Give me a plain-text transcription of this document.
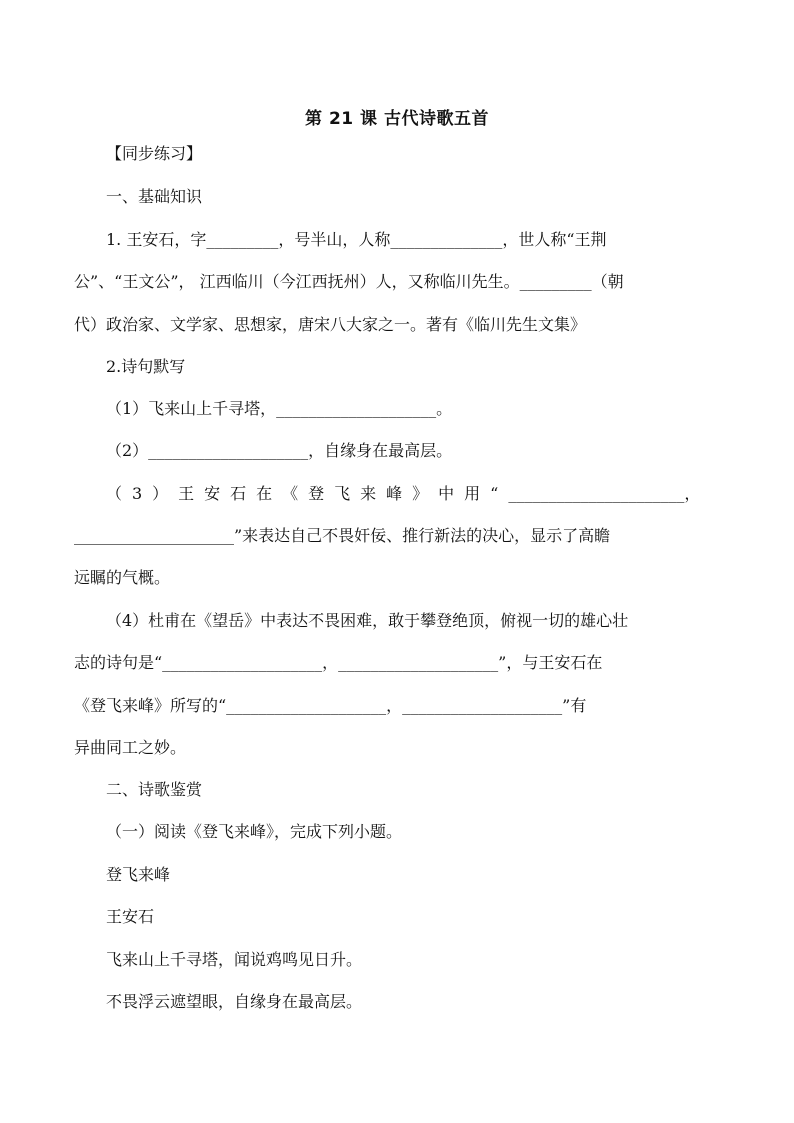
第 21 课 古代诗歌五首
【同步练习】
一、基础知识
1. 王安石，字_________，号半山，人称______________，世人称“王荆
公”、“王文公”， 江西临川（今江西抚州）人，又称临川先生。_________（朝
代）政治家、文学家、思想家，唐宋八大家之一。著有《临川先生文集》
2.诗句默写
（1）飞来山上千寻塔，____________________。
（2）____________________，自缘身在最高层。
（3）王安石在《登飞来峰》中用“______________________，
____________________”来表达自己不畏奸佞、推行新法的决心，显示了高瞻
远瞩的气概。
（4）杜甫在《望岳》中表达不畏困难，敢于攀登绝顶，俯视一切的雄心壮
志的诗句是“____________________，____________________”，与王安石在
《登飞来峰》所写的“____________________，____________________”有
异曲同工之妙。
二、诗歌鉴赏
（一）阅读《登飞来峰》，完成下列小题。
登飞来峰
王安石
飞来山上千寻塔，闻说鸡鸣见日升。
不畏浮云遮望眼，自缘身在最高层。
